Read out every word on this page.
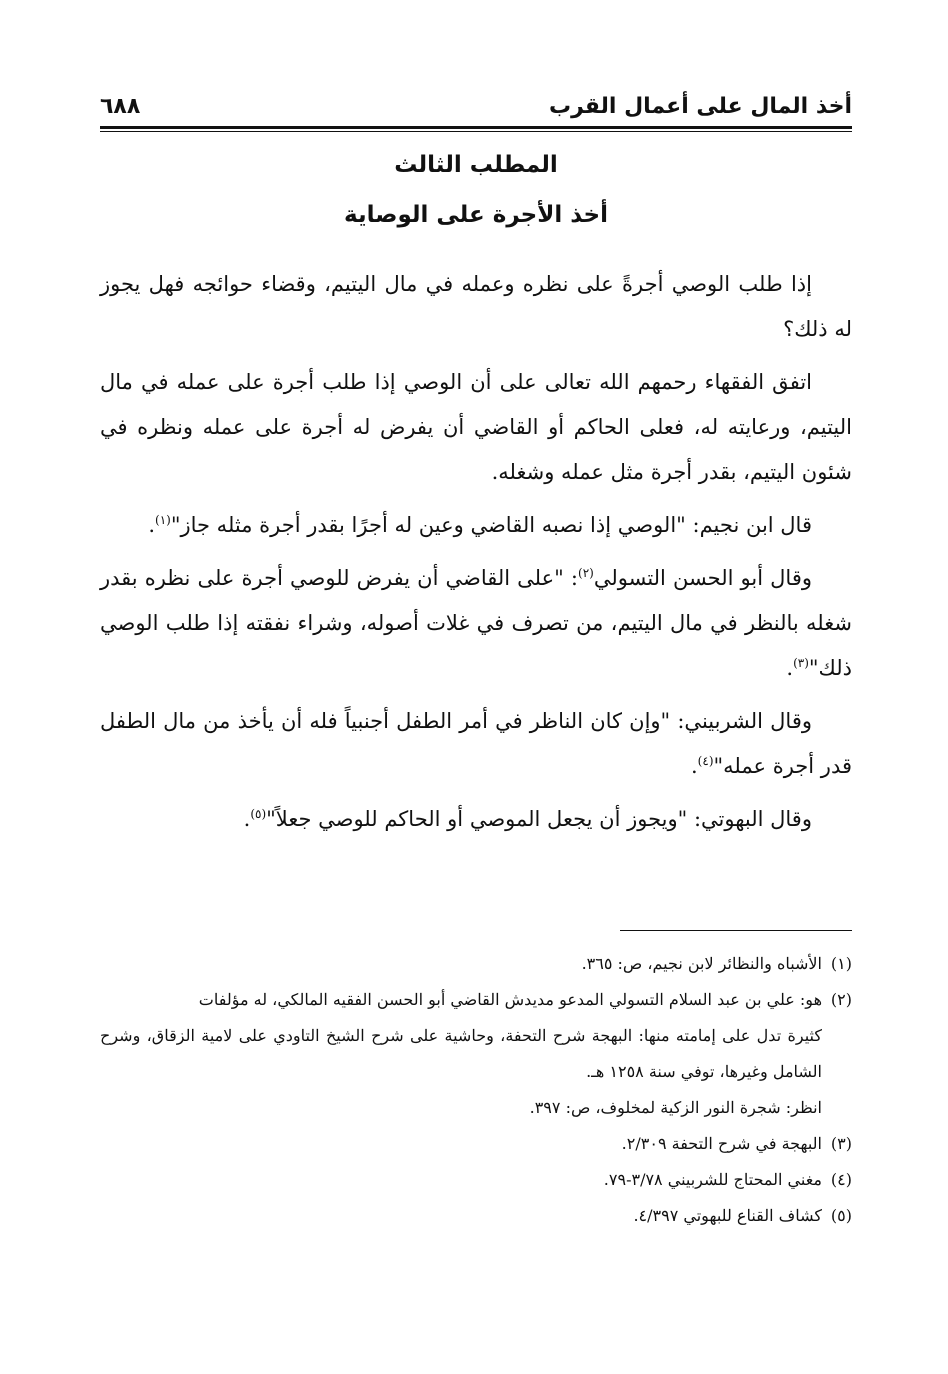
أخذ المال على أعمال القرب
٦٨٨
المطلب الثالث
أخذ الأجرة على الوصاية

إذا طلب الوصي أجرةً على نظره وعمله في مال اليتيم، وقضاء حوائجه فهل يجوز له ذلك؟

اتفق الفقهاء رحمهم الله تعالى على أن الوصي إذا طلب أجرة على عمله في مال اليتيم، ورعايته له، فعلى الحاكم أو القاضي أن يفرض له أجرة على عمله ونظره في شئون اليتيم، بقدر أجرة مثل عمله وشغله.

قال ابن نجيم: "الوصي إذا نصبه القاضي وعين له أجرًا بقدر أجرة مثله جاز"$^{(١)}$.

وقال أبو الحسن التسولي$^{(٢)}$: "على القاضي أن يفرض للوصي أجرة على نظره بقدر شغله بالنظر في مال اليتيم، من تصرف في غلات أصوله، وشراء نفقته إذا طلب الوصي ذلك"$^{(٣)}$.

وقال الشربيني: "وإن كان الناظر في أمر الطفل أجنبياً فله أن يأخذ من مال الطفل قدر أجرة عمله"$^{(٤)}$.

وقال البهوتي: "ويجوز أن يجعل الموصي أو الحاكم للوصي جعلاً"$^{(٥)}$.

(١)الأشباه والنظائر لابن نجيم، ص: ٣٦٥.

(٢)هو: علي بن عبد السلام التسولي المدعو مديدش القاضي أبو الحسن الفقيه المالكي، له مؤلفات

كثيرة تدل على إمامته منها: البهجة شرح التحفة، وحاشية على شرح الشيخ التاودي على لامية الزقاق، وشرح الشامل وغيرها، توفي سنة ١٢٥٨ هـ.

انظر: شجرة النور الزكية لمخلوف، ص: ٣٩٧.

(٣)البهجة في شرح التحفة ٢/٣٠٩.

(٤)مغني المحتاج للشربيني ٣/٧٨-٧٩.

(٥)كشاف القناع للبهوتي ٤/٣٩٧.
